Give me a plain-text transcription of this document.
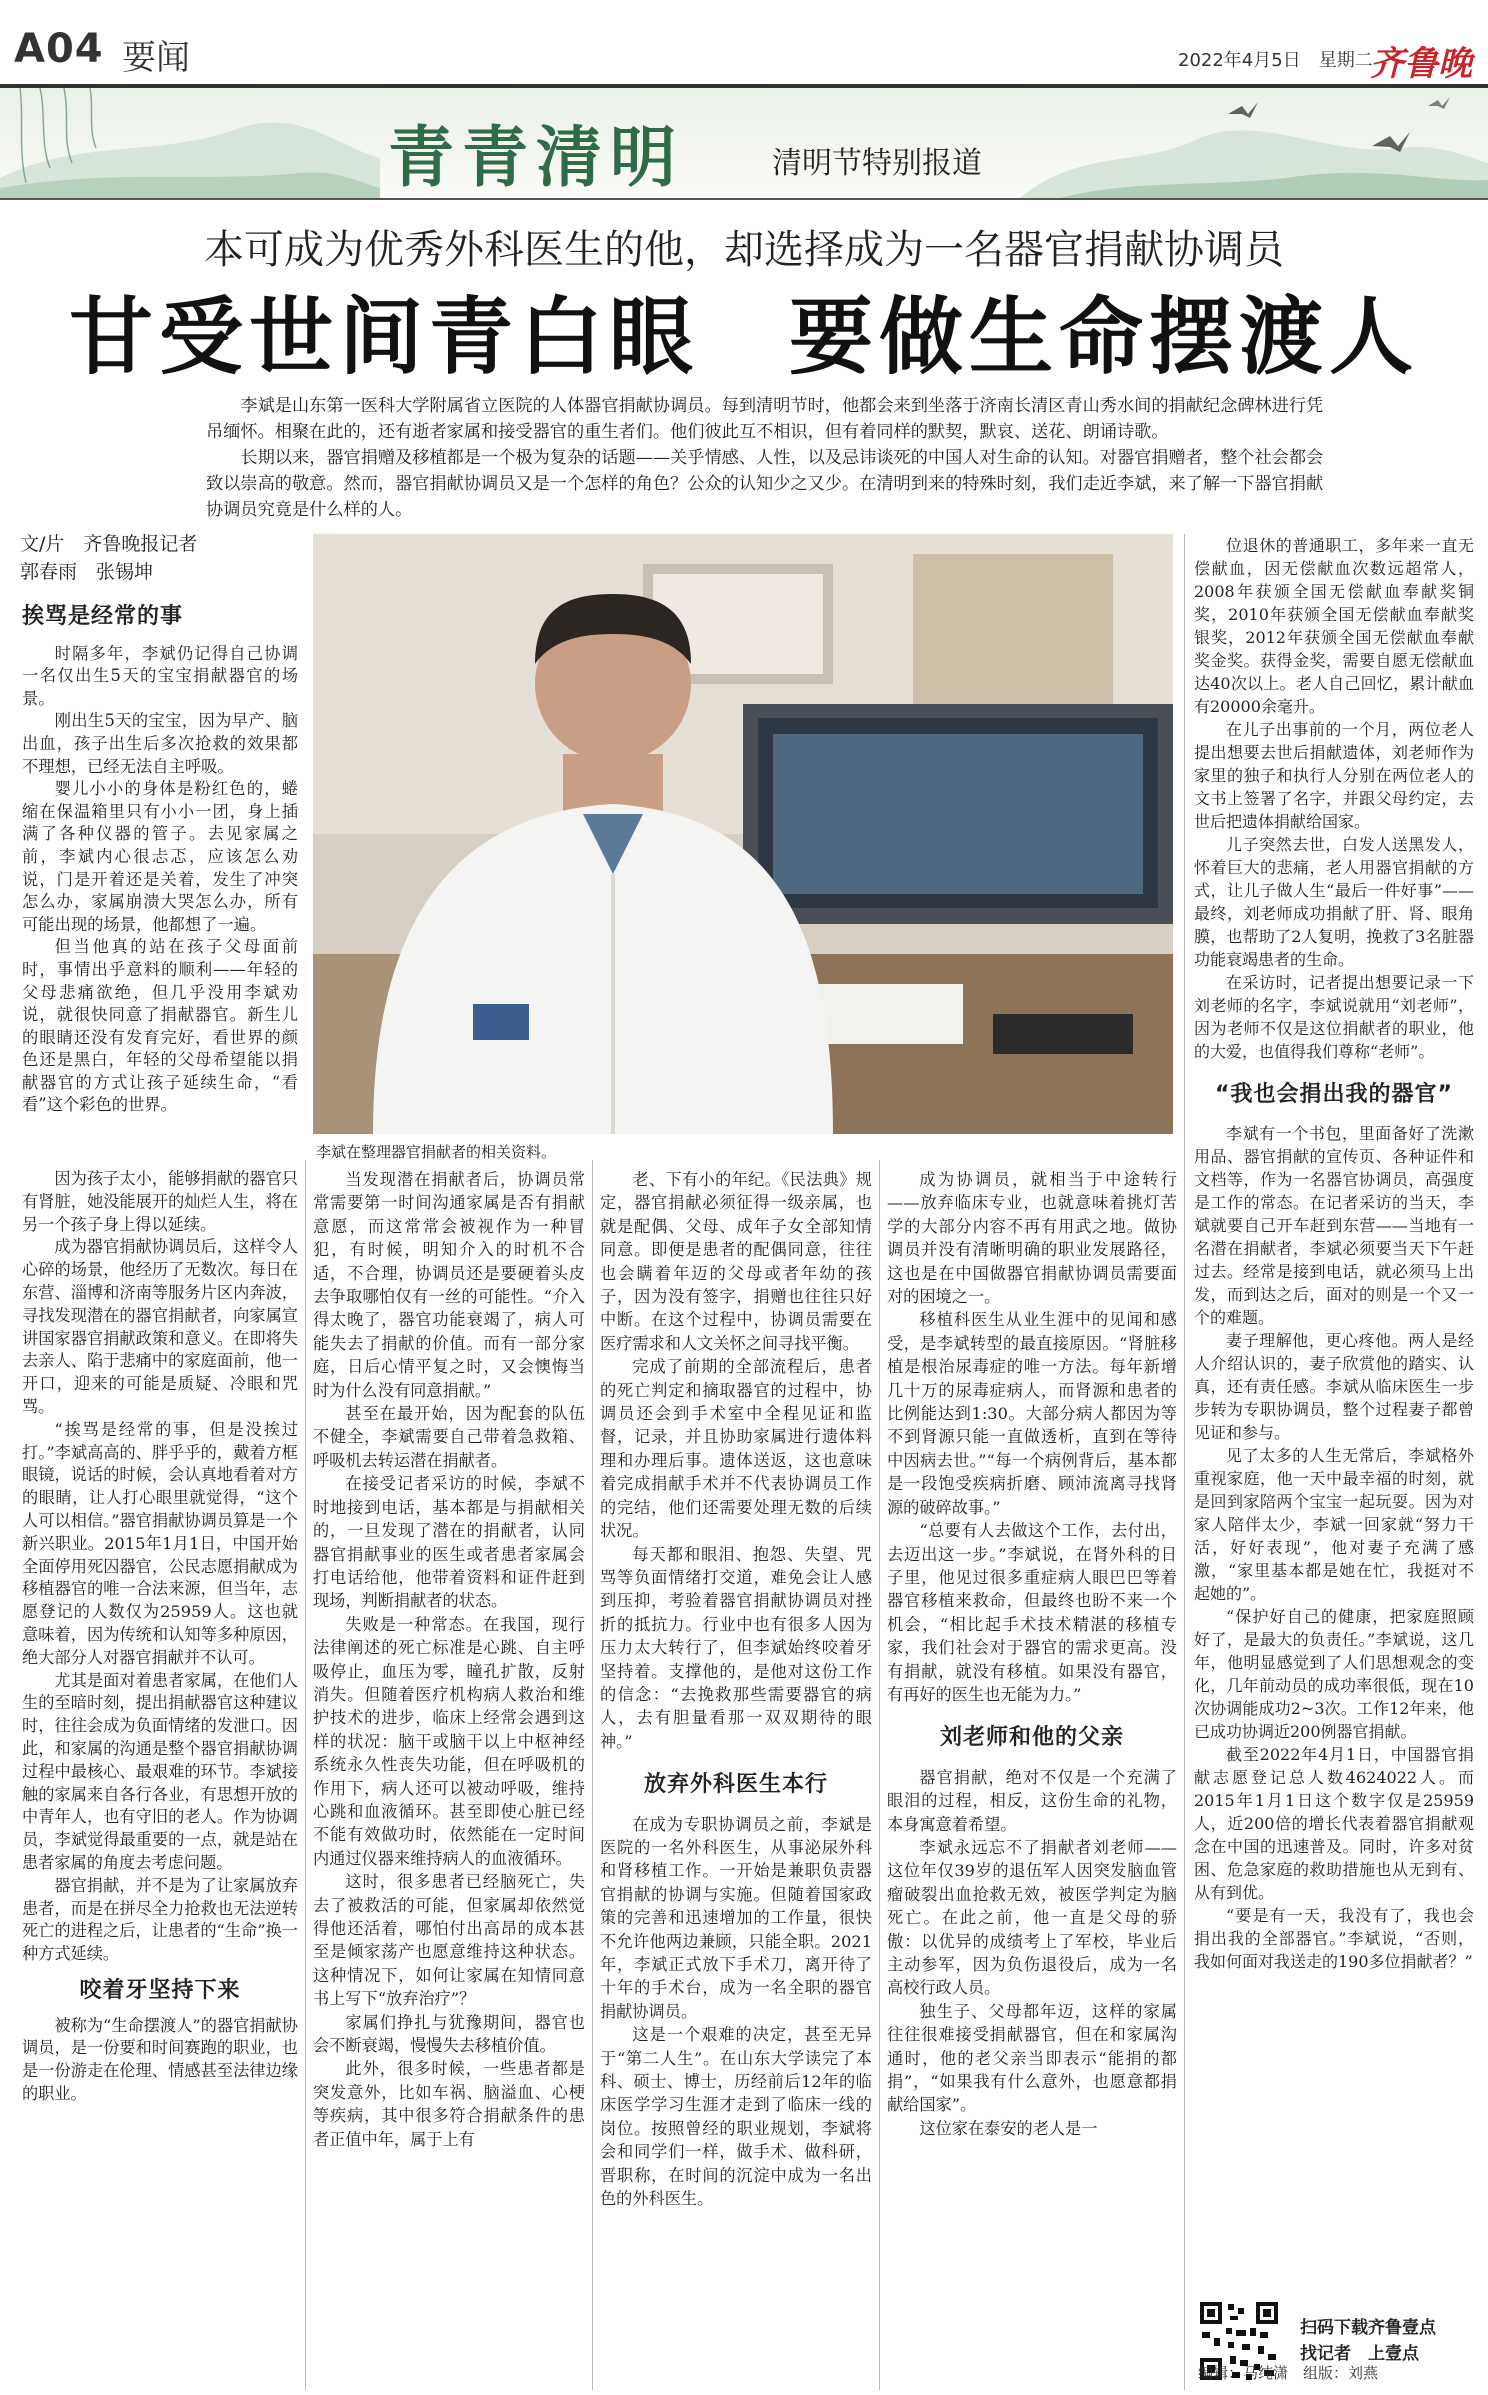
A04 要闻	2022年4月5日　星期二
齐鲁晚
青青清明	清明节特别报道
本可成为优秀外科医生的他，却选择成为一名器官捐献协调员
甘受世间青白眼　要做生命摆渡人

李斌是山东第一医科大学附属省立医院的人体器官捐献协调员。每到清明节时，他都会来到坐落于济南长清区青山秀水间的捐献纪念碑林进行凭吊缅怀。相聚在此的，还有逝者家属和接受器官的重生者们。他们彼此互不相识，但有着同样的默契，默哀、送花、朗诵诗歌。

长期以来，器官捐赠及移植都是一个极为复杂的话题——关乎情感、人性，以及忌讳谈死的中国人对生命的认知。对器官捐赠者，整个社会都会致以崇高的敬意。然而，器官捐献协调员又是一个怎样的角色？公众的认知少之又少。在清明到来的特殊时刻，我们走近李斌，来了解一下器官捐献协调员究竟是什么样的人。

文/片　齐鲁晚报记者
郭春雨　张锡坤
李斌在整理器官捐献者的相关资料。
挨骂是经常的事

时隔多年，李斌仍记得自己协调一名仅出生5天的宝宝捐献器官的场景。

刚出生5天的宝宝，因为早产、脑出血，孩子出生后多次抢救的效果都不理想，已经无法自主呼吸。

婴儿小小的身体是粉红色的，蜷缩在保温箱里只有小小一团，身上插满了各种仪器的管子。去见家属之前，李斌内心很忐忑，应该怎么劝说，门是开着还是关着，发生了冲突怎么办，家属崩溃大哭怎么办，所有可能出现的场景，他都想了一遍。

但当他真的站在孩子父母面前时，事情出乎意料的顺利——年轻的父母悲痛欲绝，但几乎没用李斌劝说，就很快同意了捐献器官。新生儿的眼睛还没有发育完好，看世界的颜色还是黑白，年轻的父母希望能以捐献器官的方式让孩子延续生命，“看看”这个彩色的世界。

因为孩子太小，能够捐献的器官只有肾脏，她没能展开的灿烂人生，将在另一个孩子身上得以延续。

成为器官捐献协调员后，这样令人心碎的场景，他经历了无数次。每日在东营、淄博和济南等服务片区内奔波，寻找发现潜在的器官捐献者，向家属宣讲国家器官捐献政策和意义。在即将失去亲人、陷于悲痛中的家庭面前，他一开口，迎来的可能是质疑、冷眼和咒骂。

“挨骂是经常的事，但是没挨过打。”李斌高高的、胖乎乎的，戴着方框眼镜，说话的时候，会认真地看着对方的眼睛，让人打心眼里就觉得，“这个人可以相信。”器官捐献协调员算是一个新兴职业。2015年1月1日，中国开始全面停用死囚器官，公民志愿捐献成为移植器官的唯一合法来源，但当年，志愿登记的人数仅为25959人。这也就意味着，因为传统和认知等多种原因，绝大部分人对器官捐献并不认可。

尤其是面对着患者家属，在他们人生的至暗时刻，提出捐献器官这种建议时，往往会成为负面情绪的发泄口。因此，和家属的沟通是整个器官捐献协调过程中最核心、最艰难的环节。李斌接触的家属来自各行各业，有思想开放的中青年人，也有守旧的老人。作为协调员，李斌觉得最重要的一点，就是站在患者家属的角度去考虑问题。

器官捐献，并不是为了让家属放弃患者，而是在拼尽全力抢救也无法逆转死亡的进程之后，让患者的“生命”换一种方式延续。

咬着牙坚持下来

被称为“生命摆渡人”的器官捐献协调员，是一份要和时间赛跑的职业，也是一份游走在伦理、情感甚至法律边缘的职业。

当发现潜在捐献者后，协调员常常需要第一时间沟通家属是否有捐献意愿，而这常常会被视作为一种冒犯，有时候，明知介入的时机不合适，不合理，协调员还是要硬着头皮去争取哪怕仅有一丝的可能性。“介入得太晚了，器官功能衰竭了，病人可能失去了捐献的价值。而有一部分家庭，日后心情平复之时，又会懊悔当时为什么没有同意捐献。”

甚至在最开始，因为配套的队伍不健全，李斌需要自己带着急救箱、呼吸机去转运潜在捐献者。

在接受记者采访的时候，李斌不时地接到电话，基本都是与捐献相关的，一旦发现了潜在的捐献者，认同器官捐献事业的医生或者患者家属会打电话给他，他带着资料和证件赶到现场，判断捐献者的状态。

失败是一种常态。在我国，现行法律阐述的死亡标准是心跳、自主呼吸停止，血压为零，瞳孔扩散，反射消失。但随着医疗机构病人救治和维护技术的进步，临床上经常会遇到这样的状况：脑干或脑干以上中枢神经系统永久性丧失功能，但在呼吸机的作用下，病人还可以被动呼吸，维持心跳和血液循环。甚至即使心脏已经不能有效做功时，依然能在一定时间内通过仪器来维持病人的血液循环。

这时，很多患者已经脑死亡，失去了被救活的可能，但家属却依然觉得他还活着，哪怕付出高昂的成本甚至是倾家荡产也愿意维持这种状态。这种情况下，如何让家属在知情同意书上写下“放弃治疗”？

家属们挣扎与犹豫期间，器官也会不断衰竭，慢慢失去移植价值。

此外，很多时候，一些患者都是突发意外，比如车祸、脑溢血、心梗等疾病，其中很多符合捐献条件的患者正值中年，属于上有

老、下有小的年纪。《民法典》规定，器官捐献必须征得一级亲属，也就是配偶、父母、成年子女全部知情同意。即便是患者的配偶同意，往往也会瞒着年迈的父母或者年幼的孩子，因为没有签字，捐赠也往往只好中断。在这个过程中，协调员需要在医疗需求和人文关怀之间寻找平衡。

完成了前期的全部流程后，患者的死亡判定和摘取器官的过程中，协调员还会到手术室中全程见证和监督，记录，并且协助家属进行遗体料理和办理后事。遗体送返，这也意味着完成捐献手术并不代表协调员工作的完结，他们还需要处理无数的后续状况。

每天都和眼泪、抱怨、失望、咒骂等负面情绪打交道，难免会让人感到压抑，考验着器官捐献协调员对挫折的抵抗力。行业中也有很多人因为压力太大转行了，但李斌始终咬着牙坚持着。支撑他的，是他对这份工作的信念：“去挽救那些需要器官的病人，去有胆量看那一双双期待的眼神。”

放弃外科医生本行

在成为专职协调员之前，李斌是医院的一名外科医生，从事泌尿外科和肾移植工作。一开始是兼职负责器官捐献的协调与实施。但随着国家政策的完善和迅速增加的工作量，很快不允许他两边兼顾，只能全职。2021年，李斌正式放下手术刀，离开待了十年的手术台，成为一名全职的器官捐献协调员。

这是一个艰难的决定，甚至无异于“第二人生”。在山东大学读完了本科、硕士、博士，历经前后12年的临床医学学习生涯才走到了临床一线的岗位。按照曾经的职业规划，李斌将会和同学们一样，做手术、做科研，晋职称，在时间的沉淀中成为一名出色的外科医生。

成为协调员，就相当于中途转行——放弃临床专业，也就意味着挑灯苦学的大部分内容不再有用武之地。做协调员并没有清晰明确的职业发展路径，这也是在中国做器官捐献协调员需要面对的困境之一。

移植科医生从业生涯中的见闻和感受，是李斌转型的最直接原因。“肾脏移植是根治尿毒症的唯一方法。每年新增几十万的尿毒症病人，而肾源和患者的比例能达到1:30。大部分病人都因为等不到肾源只能一直做透析，直到在等待中因病去世。”“每一个病例背后，基本都是一段饱受疾病折磨、顾沛流离寻找肾源的破碎故事。”

“总要有人去做这个工作，去付出，去迈出这一步。”李斌说，在肾外科的日子里，他见过很多重症病人眼巴巴等着器官移植来救命，但最终也盼不来一个机会，“相比起手术技术精湛的移植专家，我们社会对于器官的需求更高。没有捐献，就没有移植。如果没有器官，有再好的医生也无能为力。”

刘老师和他的父亲

器官捐献，绝对不仅是一个充满了眼泪的过程，相反，这份生命的礼物，本身寓意着希望。

李斌永远忘不了捐献者刘老师——这位年仅39岁的退伍军人因突发脑血管瘤破裂出血抢救无效，被医学判定为脑死亡。在此之前，他一直是父母的骄傲：以优异的成绩考上了军校，毕业后主动参军，因为负伤退役后，成为一名高校行政人员。

独生子、父母都年迈，这样的家属往往很难接受捐献器官，但在和家属沟通时，他的老父亲当即表示“能捐的都捐”，“如果我有什么意外，也愿意都捐献给国家”。

这位家在泰安的老人是一

位退休的普通职工，多年来一直无偿献血，因无偿献血次数远超常人，2008年获颁全国无偿献血奉献奖铜奖，2010年获颁全国无偿献血奉献奖银奖，2012年获颁全国无偿献血奉献奖金奖。获得金奖，需要自愿无偿献血达40次以上。老人自己回忆，累计献血有20000余毫升。

在儿子出事前的一个月，两位老人提出想要去世后捐献遗体，刘老师作为家里的独子和执行人分别在两位老人的文书上签署了名字，并跟父母约定，去世后把遗体捐献给国家。

儿子突然去世，白发人送黑发人，怀着巨大的悲痛，老人用器官捐献的方式，让儿子做人生“最后一件好事”——最终，刘老师成功捐献了肝、肾、眼角膜，也帮助了2人复明，挽救了3名脏器功能衰竭患者的生命。

在采访时，记者提出想要记录一下刘老师的名字，李斌说就用“刘老师”，因为老师不仅是这位捐献者的职业，他的大爱，也值得我们尊称“老师”。

“我也会捐出我的器官”

李斌有一个书包，里面备好了洗漱用品、器官捐献的宣传页、各种证件和文档等，作为一名器官协调员，高强度是工作的常态。在记者采访的当天，李斌就要自己开车赶到东营——当地有一名潜在捐献者，李斌必须要当天下午赶过去。经常是接到电话，就必须马上出发，而到达之后，面对的则是一个又一个的难题。

妻子理解他，更心疼他。两人是经人介绍认识的，妻子欣赏他的踏实、认真，还有责任感。李斌从临床医生一步步转为专职协调员，整个过程妻子都曾见证和参与。

见了太多的人生无常后，李斌格外重视家庭，他一天中最幸福的时刻，就是回到家陪两个宝宝一起玩耍。因为对家人陪伴太少，李斌一回家就“努力干活，好好表现”，他对妻子充满了感激，“家里基本都是她在忙，我挺对不起她的”。

“保护好自己的健康，把家庭照顾好了，是最大的负责任。”李斌说，这几年，他明显感觉到了人们思想观念的变化，几年前动员的成功率很低，现在10次协调能成功2~3次。工作12年来，他已成功协调近200例器官捐献。

截至2022年4月1日，中国器官捐献志愿登记总人数4624022人。而2015年1月1日这个数字仅是25959人，近200倍的增长代表着器官捐献观念在中国的迅速普及。同时，许多对贫困、危急家庭的救助措施也从无到有、从有到优。

“要是有一天，我没有了，我也会捐出我的全部器官。”李斌说，“否则，我如何面对我送走的190多位捐献者？”

扫码下载齐鲁壹点
找记者　上壹点
编辑：马纯潇　组版：刘燕
